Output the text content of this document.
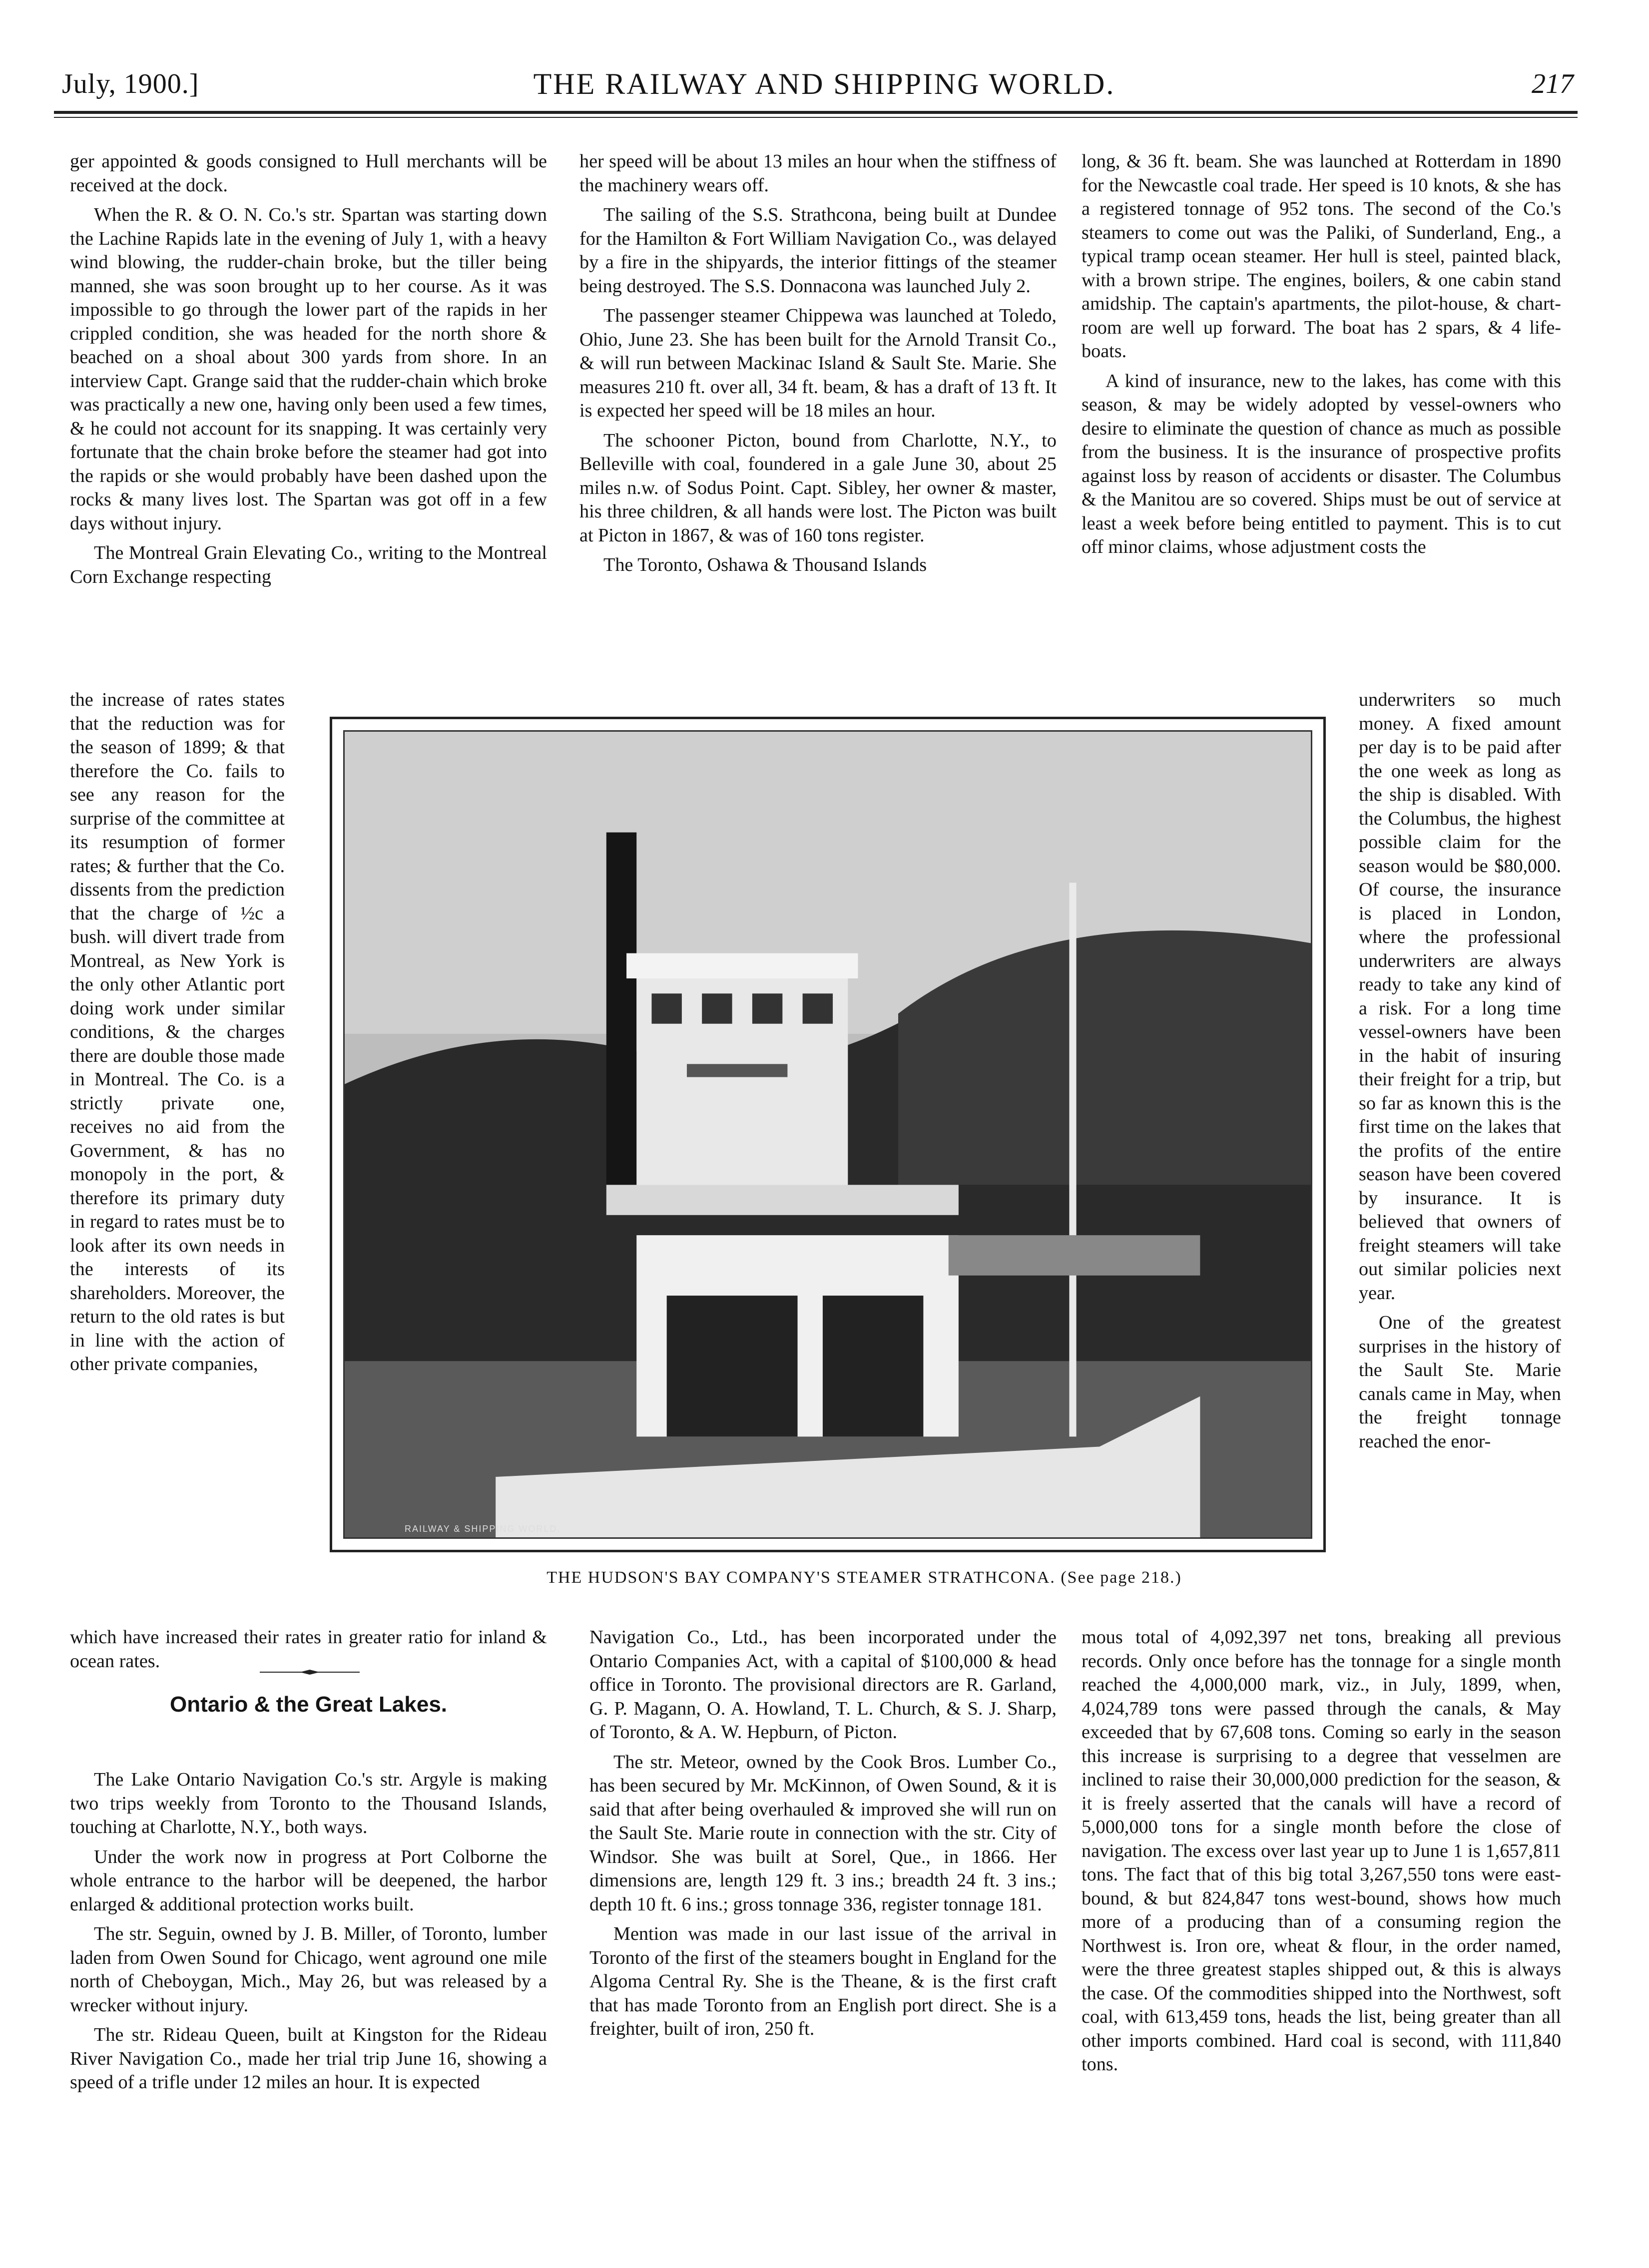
July, 1900.]	THE RAILWAY AND SHIPPING WORLD.	217

ger appointed & goods consigned to Hull merchants will be received at the dock.

When the R. & O. N. Co.'s str. Spartan was starting down the Lachine Rapids late in the evening of July 1, with a heavy wind blowing, the rudder-chain broke, but the tiller being manned, she was soon brought up to her course. As it was impossible to go through the lower part of the rapids in her crippled condition, she was headed for the north shore & beached on a shoal about 300 yards from shore. In an interview Capt. Grange said that the rudder-chain which broke was practically a new one, having only been used a few times, & he could not account for its snapping. It was certainly very fortunate that the chain broke before the steamer had got into the rapids or she would probably have been dashed upon the rocks & many lives lost. The Spartan was got off in a few days without injury.

The Montreal Grain Elevating Co., writing to the Montreal Corn Exchange respecting

the increase of rates states that the reduction was for the season of 1899; & that therefore the Co. fails to see any reason for the surprise of the committee at its resumption of former rates; & further that the Co. dissents from the prediction that the charge of ½c a bush. will divert trade from Montreal, as New York is the only other Atlantic port doing work under similar conditions, & the charges there are double those made in Montreal. The Co. is a strictly private one, receives no aid from the Government, & has no monopoly in the port, & therefore its primary duty in regard to rates must be to look after its own needs in the interests of its shareholders. Moreover, the return to the old rates is but in line with the action of other private companies,

which have increased their rates in greater ratio for inland & ocean rates.

Ontario & the Great Lakes.

The Lake Ontario Navigation Co.'s str. Argyle is making two trips weekly from Toronto to the Thousand Islands, touching at Charlotte, N.Y., both ways.

Under the work now in progress at Port Colborne the whole entrance to the harbor will be deepened, the harbor enlarged & additional protection works built.

The str. Seguin, owned by J. B. Miller, of Toronto, lumber laden from Owen Sound for Chicago, went aground one mile north of Cheboygan, Mich., May 26, but was released by a wrecker without injury.

The str. Rideau Queen, built at Kingston for the Rideau River Navigation Co., made her trial trip June 16, showing a speed of a trifle under 12 miles an hour. It is expected

her speed will be about 13 miles an hour when the stiffness of the machinery wears off.

The sailing of the S.S. Strathcona, being built at Dundee for the Hamilton & Fort William Navigation Co., was delayed by a fire in the shipyards, the interior fittings of the steamer being destroyed. The S.S. Donnacona was launched July 2.

The passenger steamer Chippewa was launched at Toledo, Ohio, June 23. She has been built for the Arnold Transit Co., & will run between Mackinac Island & Sault Ste. Marie. She measures 210 ft. over all, 34 ft. beam, & has a draft of 13 ft. It is expected her speed will be 18 miles an hour.

The schooner Picton, bound from Charlotte, N.Y., to Belleville with coal, foundered in a gale June 30, about 25 miles n.w. of Sodus Point. Capt. Sibley, her owner & master, his three children, & all hands were lost. The Picton was built at Picton in 1867, & was of 160 tons register.

The Toronto, Oshawa & Thousand Islands

Navigation Co., Ltd., has been incorporated under the Ontario Companies Act, with a capital of $100,000 & head office in Toronto. The provisional directors are R. Garland, G. P. Magann, O. A. Howland, T. L. Church, & S. J. Sharp, of Toronto, & A. W. Hepburn, of Picton.

The str. Meteor, owned by the Cook Bros. Lumber Co., has been secured by Mr. McKinnon, of Owen Sound, & it is said that after being overhauled & improved she will run on the Sault Ste. Marie route in connection with the str. City of Windsor. She was built at Sorel, Que., in 1866. Her dimensions are, length 129 ft. 3 ins.; breadth 24 ft. 3 ins.; depth 10 ft. 6 ins.; gross tonnage 336, register tonnage 181.

Mention was made in our last issue of the arrival in Toronto of the first of the steamers bought in England for the Algoma Central Ry. She is the Theane, & is the first craft that has made Toronto from an English port direct. She is a freighter, built of iron, 250 ft.

long, & 36 ft. beam. She was launched at Rotterdam in 1890 for the Newcastle coal trade. Her speed is 10 knots, & she has a registered tonnage of 952 tons. The second of the Co.'s steamers to come out was the Paliki, of Sunderland, Eng., a typical tramp ocean steamer. Her hull is steel, painted black, with a brown stripe. The engines, boilers, & one cabin stand amidship. The captain's apartments, the pilot-house, & chart-room are well up forward. The boat has 2 spars, & 4 life-boats.

A kind of insurance, new to the lakes, has come with this season, & may be widely adopted by vessel-owners who desire to eliminate the question of chance as much as possible from the business. It is the insurance of prospective profits against loss by reason of accidents or disaster. The Columbus & the Manitou are so covered. Ships must be out of service at least a week before being entitled to payment. This is to cut off minor claims, whose adjustment costs the

underwriters so much money. A fixed amount per day is to be paid after the one week as long as the ship is disabled. With the Columbus, the highest possible claim for the season would be $80,000. Of course, the insurance is placed in London, where the professional underwriters are always ready to take any kind of a risk. For a long time vessel-owners have been in the habit of insuring their freight for a trip, but so far as known this is the first time on the lakes that the profits of the entire season have been covered by insurance. It is believed that owners of freight steamers will take out similar policies next year.

One of the greatest surprises in the history of the Sault Ste. Marie canals came in May, when the freight tonnage reached the enor-

mous total of 4,092,397 net tons, breaking all previous records. Only once before has the tonnage for a single month reached the 4,000,000 mark, viz., in July, 1899, when, 4,024,789 tons were passed through the canals, & May exceeded that by 67,608 tons. Coming so early in the season this increase is surprising to a degree that vesselmen are inclined to raise their 30,000,000 prediction for the season, & it is freely asserted that the canals will have a record of 5,000,000 tons for a single month before the close of navigation. The excess over last year up to June 1 is 1,657,811 tons. The fact that of this big total 3,267,550 tons were east-bound, & but 824,847 tons west-bound, shows how much more of a producing than of a consuming region the Northwest is. Iron ore, wheat & flour, in the order named, were the three greatest staples shipped out, & this is always the case. Of the commodities shipped into the Northwest, soft coal, with 613,459 tons, heads the list, being greater than all other imports combined. Hard coal is second, with 111,840 tons.

RAILWAY & SHIPPING WORLD.
THE HUDSON'S BAY COMPANY'S STEAMER STRATHCONA. (See page 218.)
